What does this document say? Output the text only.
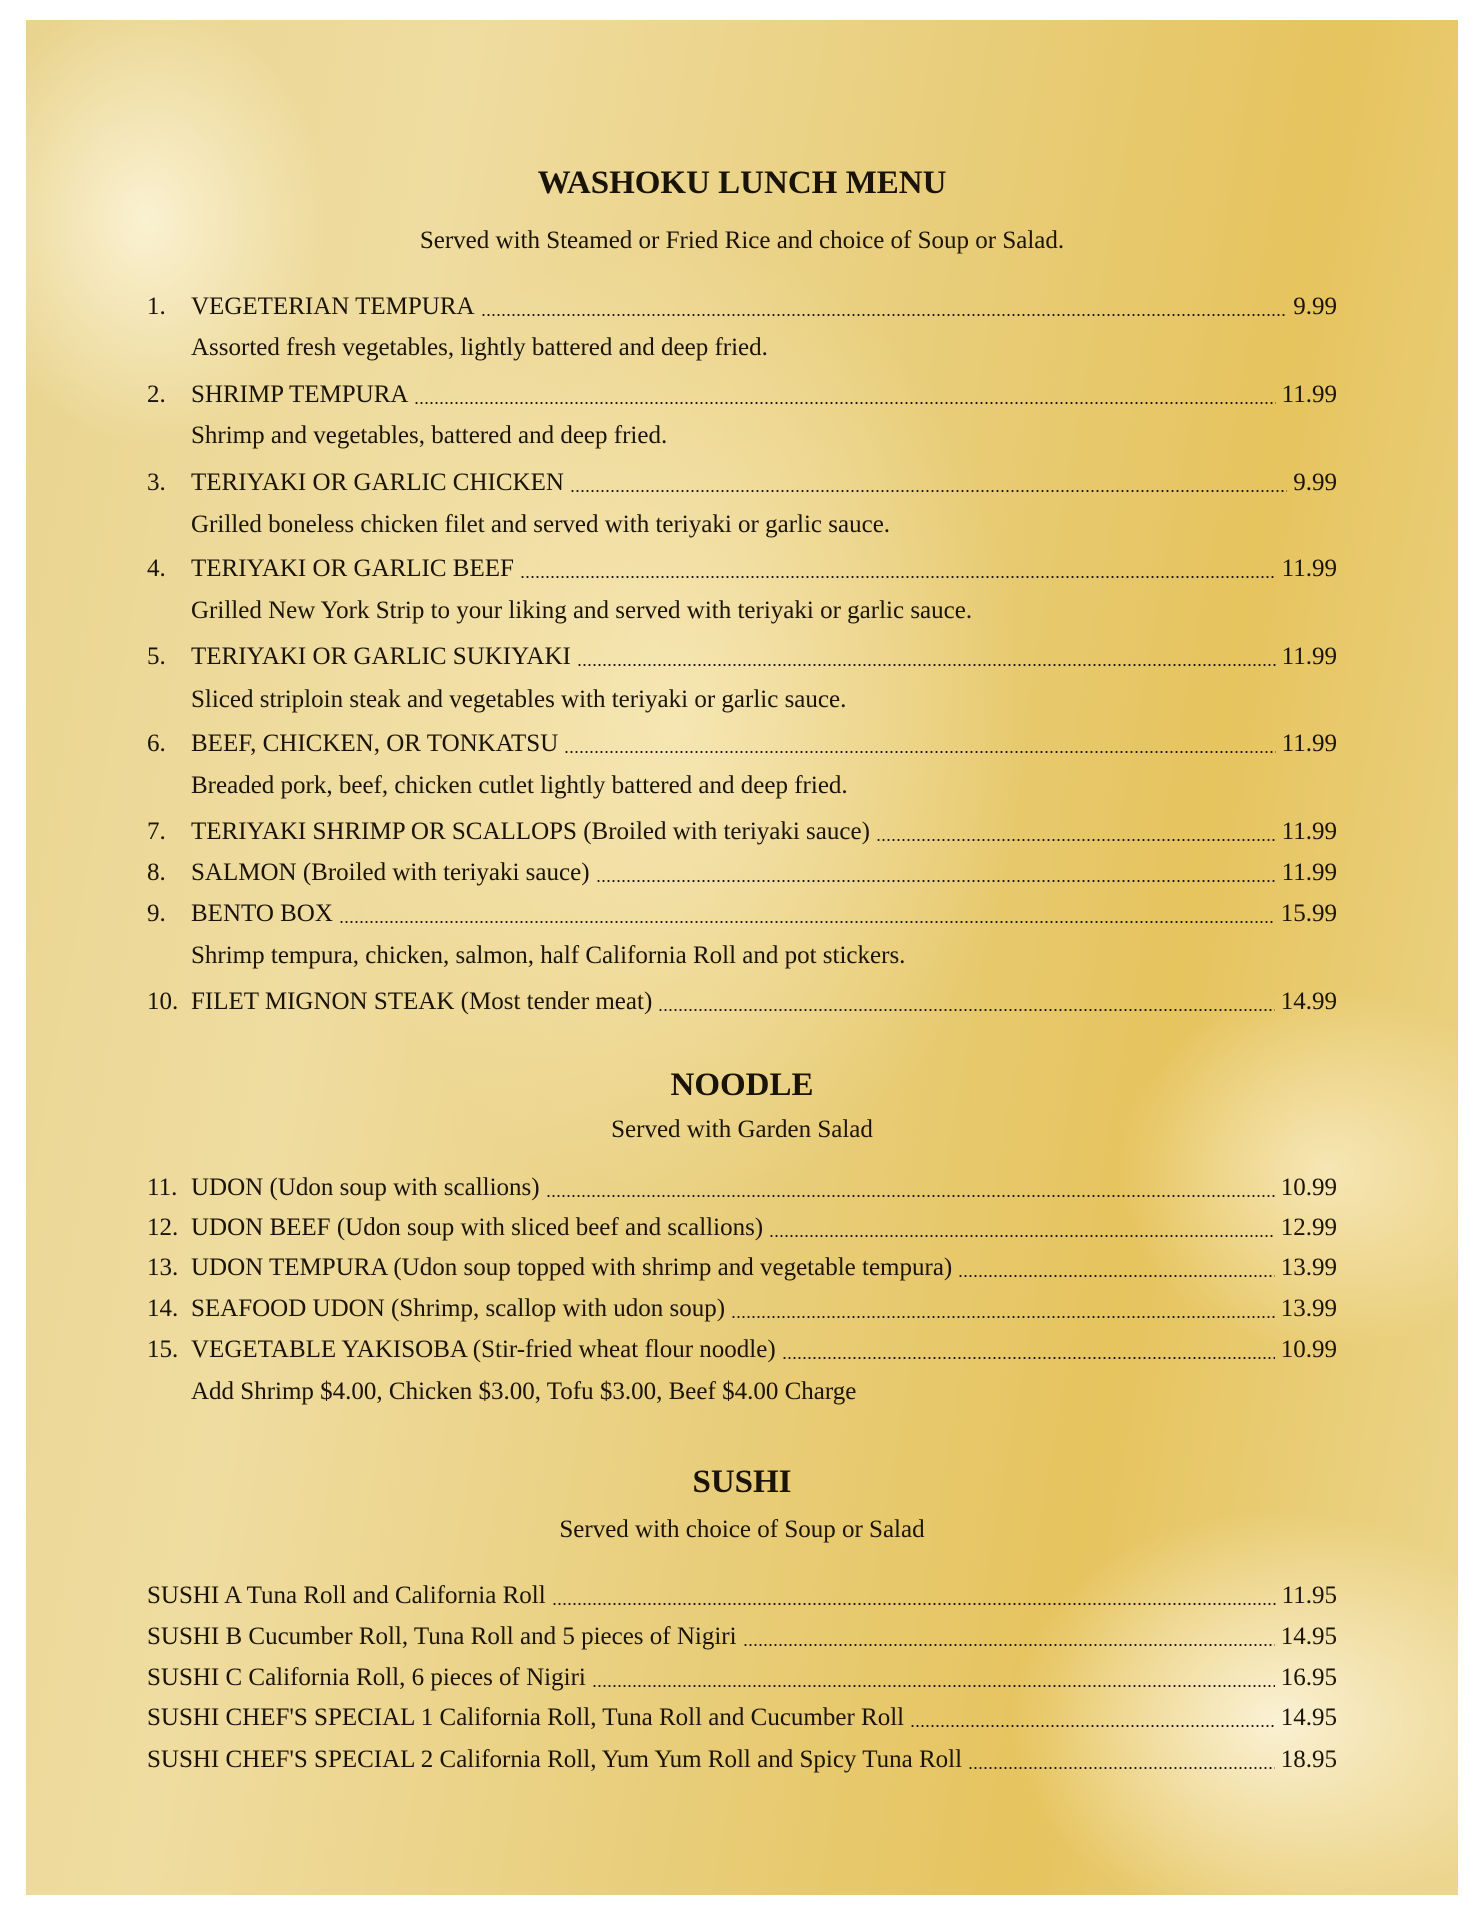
WASHOKU LUNCH MENU
Served with Steamed or Fried Rice and choice of Soup or Salad.
1.	VEGETERIAN TEMPURA	9.99
Assorted fresh vegetables, lightly battered and deep fried.
2.	SHRIMP TEMPURA	11.99
Shrimp and vegetables, battered and deep fried.
3.	TERIYAKI OR GARLIC CHICKEN	9.99
Grilled boneless chicken filet and served with teriyaki or garlic sauce.
4.	TERIYAKI OR GARLIC BEEF	11.99
Grilled New York Strip to your liking and served with teriyaki or garlic sauce.
5.	TERIYAKI OR GARLIC SUKIYAKI	11.99
Sliced striploin steak and vegetables with teriyaki or garlic sauce.
6.	BEEF, CHICKEN, OR TONKATSU	11.99
Breaded pork, beef, chicken cutlet lightly battered and deep fried.
7.	TERIYAKI SHRIMP OR SCALLOPS (Broiled with teriyaki sauce)	11.99
8.	SALMON (Broiled with teriyaki sauce)	11.99
9.	BENTO BOX	15.99
Shrimp tempura, chicken, salmon, half California Roll and pot stickers.
10. FILET MIGNON STEAK (Most tender meat)	14.99
NOODLE
Served with Garden Salad
11. UDON (Udon soup with scallions)	10.99
12. UDON BEEF (Udon soup with sliced beef and scallions)	12.99
13. UDON TEMPURA (Udon soup topped with shrimp and vegetable tempura)	13.99
14. SEAFOOD UDON (Shrimp, scallop with udon soup)	13.99
15. VEGETABLE YAKISOBA (Stir-fried wheat flour noodle)	10.99
Add Shrimp $4.00, Chicken $3.00, Tofu $3.00, Beef $4.00 Charge
SUSHI
Served with choice of Soup or Salad
SUSHI A Tuna Roll and California Roll	11.95
SUSHI B Cucumber Roll, Tuna Roll and 5 pieces of Nigiri	14.95
SUSHI C California Roll, 6 pieces of Nigiri	16.95
SUSHI CHEF'S SPECIAL 1 California Roll, Tuna Roll and Cucumber Roll	14.95
SUSHI CHEF'S SPECIAL 2 California Roll, Yum Yum Roll and Spicy Tuna Roll	18.95
